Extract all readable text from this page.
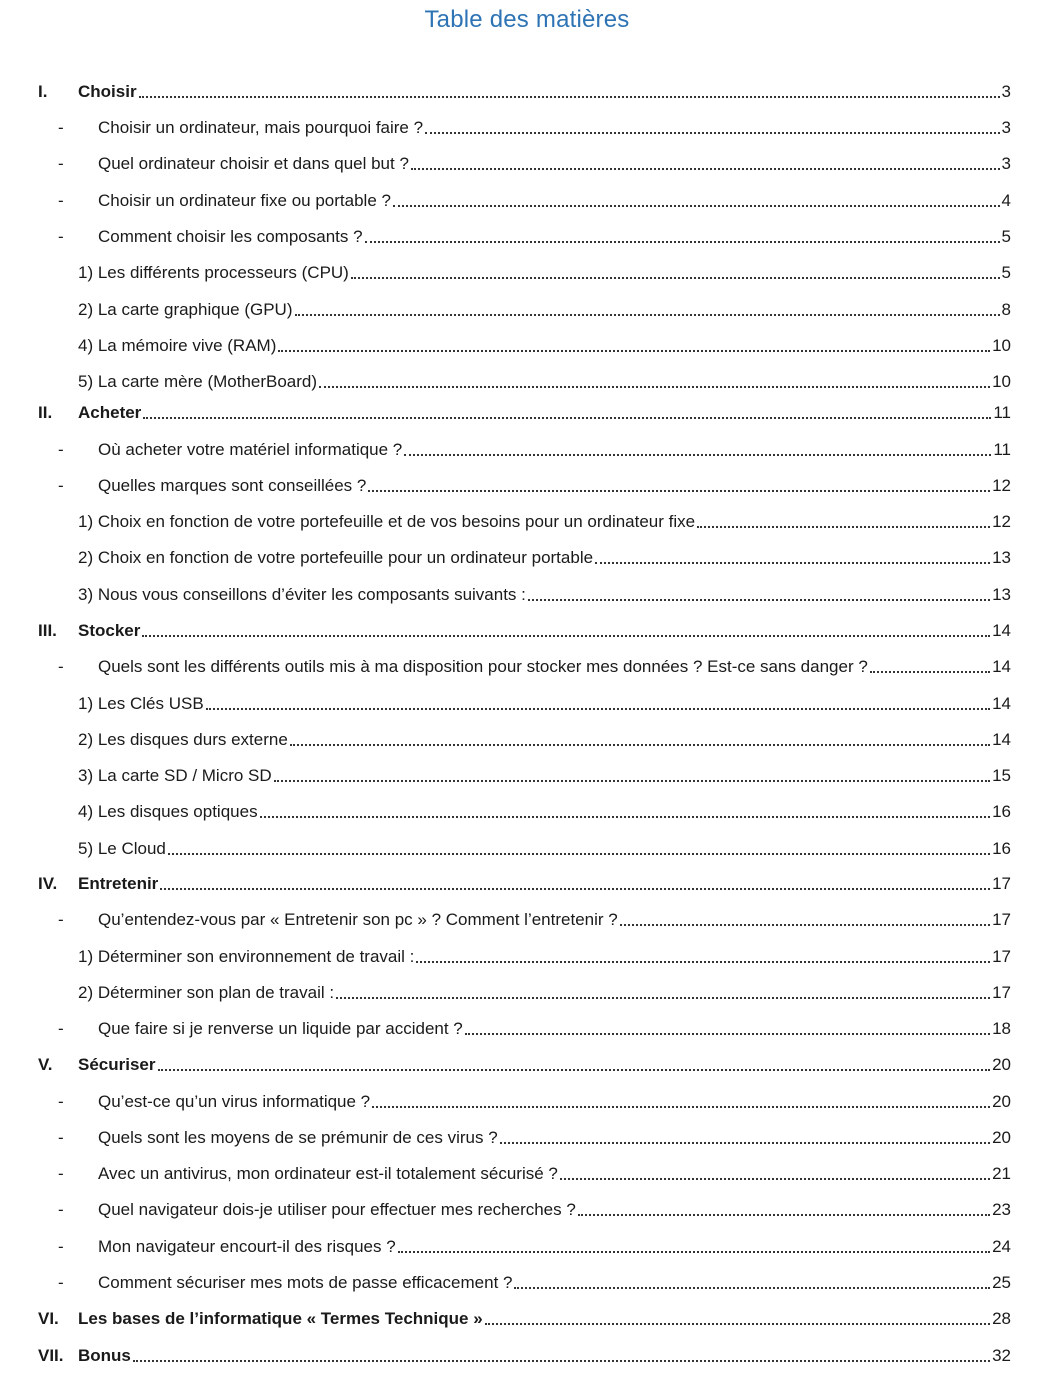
Table des matières
I.	Choisir	3
-	Choisir un ordinateur, mais pourquoi faire ?	3
-	Quel ordinateur choisir et dans quel but ?	3
-	Choisir un ordinateur fixe ou portable ?	4
-	Comment choisir les composants ?	5
1) Les différents processeurs (CPU)	5
2) La carte graphique (GPU)	8
4) La mémoire vive (RAM)	10
5) La carte mère (MotherBoard)	10
II.	Acheter	11
-	Où acheter votre matériel informatique ?	11
-	Quelles marques sont conseillées ?	12
1) Choix en fonction de votre portefeuille et de vos besoins pour un ordinateur fixe	12
2) Choix en fonction de votre portefeuille pour un ordinateur portable	13
3) Nous vous conseillons d’éviter les composants suivants :	13
III.	Stocker	14
-	Quels sont les différents outils mis à ma disposition pour stocker mes données ? Est-ce sans danger ?	14
1) Les Clés USB	14
2) Les disques durs externe	14
3) La carte SD / Micro SD	15
4) Les disques optiques	16
5) Le Cloud	16
IV.	Entretenir	17
-	Qu’entendez-vous par « Entretenir son pc » ? Comment l’entretenir ?	17
1) Déterminer son environnement de travail :	17
2) Déterminer son plan de travail :	17
-	Que faire si je renverse un liquide par accident ?	18
V.	Sécuriser	20
-	Qu’est-ce qu’un virus informatique ?	20
-	Quels sont les moyens de se prémunir de ces virus ?	20
-	Avec un antivirus, mon ordinateur est-il totalement sécurisé ?	21
-	Quel navigateur dois-je utiliser pour effectuer mes recherches ?	23
-	Mon navigateur encourt-il des risques ?	24
-	Comment sécuriser mes mots de passe efficacement ?	25
VI.	Les bases de l’informatique « Termes Technique »	28
VII. Bonus	32
